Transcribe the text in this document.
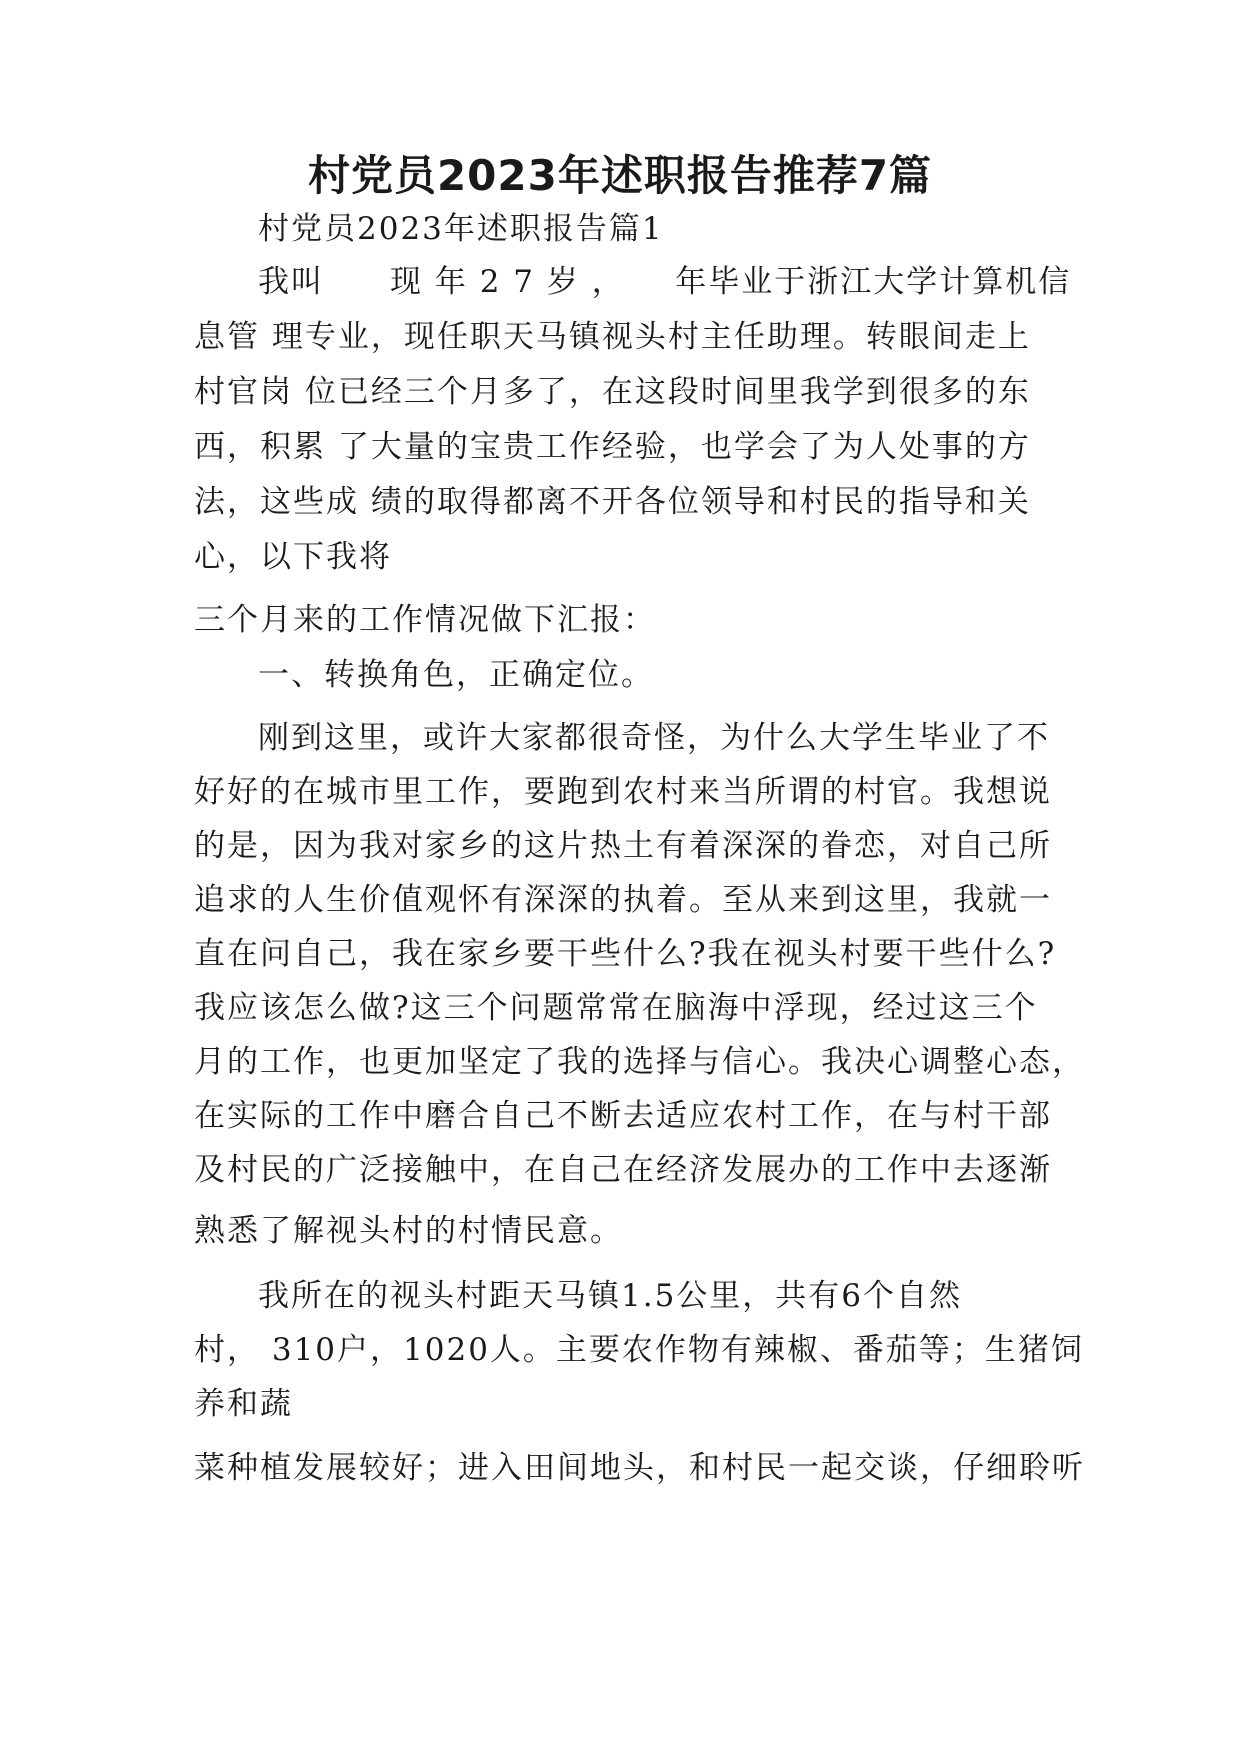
村党员2023年述职报告推荐7篇
村党员2023年述职报告篇1
我叫　　现 年 2 7 岁 ，　　年毕业于浙江大学计算机信
息管 理专业，现任职天马镇视头村主任助理。转眼间走上
村官岗 位已经三个月多了，在这段时间里我学到很多的东
西，积累 了大量的宝贵工作经验，也学会了为人处事的方
法，这些成 绩的取得都离不开各位领导和村民的指导和关
心，以下我将
三个月来的工作情况做下汇报：
一、转换角色，正确定位。
刚到这里，或许大家都很奇怪，为什么大学生毕业了不
好好的在城市里工作，要跑到农村来当所谓的村官。我想说
的是，因为我对家乡的这片热土有着深深的眷恋，对自己所
追求的人生价值观怀有深深的执着。至从来到这里，我就一
直在问自己，我在家乡要干些什么?我在视头村要干些什么?
我应该怎么做?这三个问题常常在脑海中浮现，经过这三个
月的工作，也更加坚定了我的选择与信心。我决心调整心态，
在实际的工作中磨合自己不断去适应农村工作，在与村干部
及村民的广泛接触中，在自己在经济发展办的工作中去逐渐
熟悉了解视头村的村情民意。
我所在的视头村距天马镇1.5公里，共有6个自然
村， 310户，1020人。主要农作物有辣椒、番茄等；生猪饲
养和蔬
菜种植发展较好；进入田间地头，和村民一起交谈，仔细聆听
